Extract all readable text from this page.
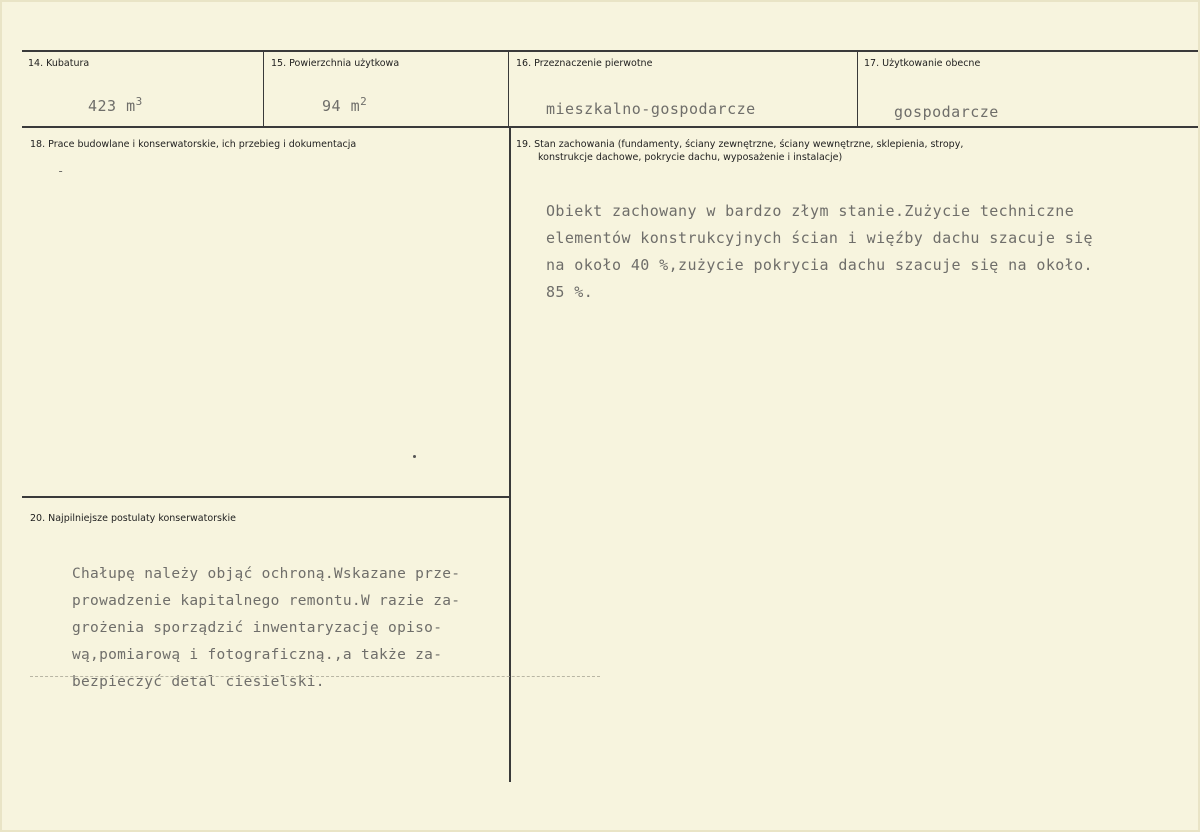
14. Kubatura
423 $m^3$
15. Powierzchnia użytkowa
94 $m^2$
16. Przeznaczenie pierwotne
mieszkalno-gospodarcze
17. Użytkowanie obecne
gospodarcze
18. Prace budowlane i konserwatorskie, ich przebieg i dokumentacja
-
19. Stan zachowania (fundamenty, ściany zewnętrzne, ściany wewnętrzne, sklepienia, stropy,
konstrukcje dachowe, pokrycie dachu, wyposażenie i instalacje)
Obiekt zachowany w bardzo złym stanie.Zużycie techniczne
elementów konstrukcyjnych ścian i więźby dachu szacuje się
na około 40 %,zużycie pokrycia dachu szacuje się na około.
85 %.
20. Najpilniejsze postulaty konserwatorskie
Chałupę należy objąć ochroną.Wskazane prze-
prowadzenie kapitalnego remontu.W razie za-
grożenia sporządzić inwentaryzację opiso-
wą,pomiarową i fotograficzną.,a także za-
bezpieczyć detal ciesielski.
